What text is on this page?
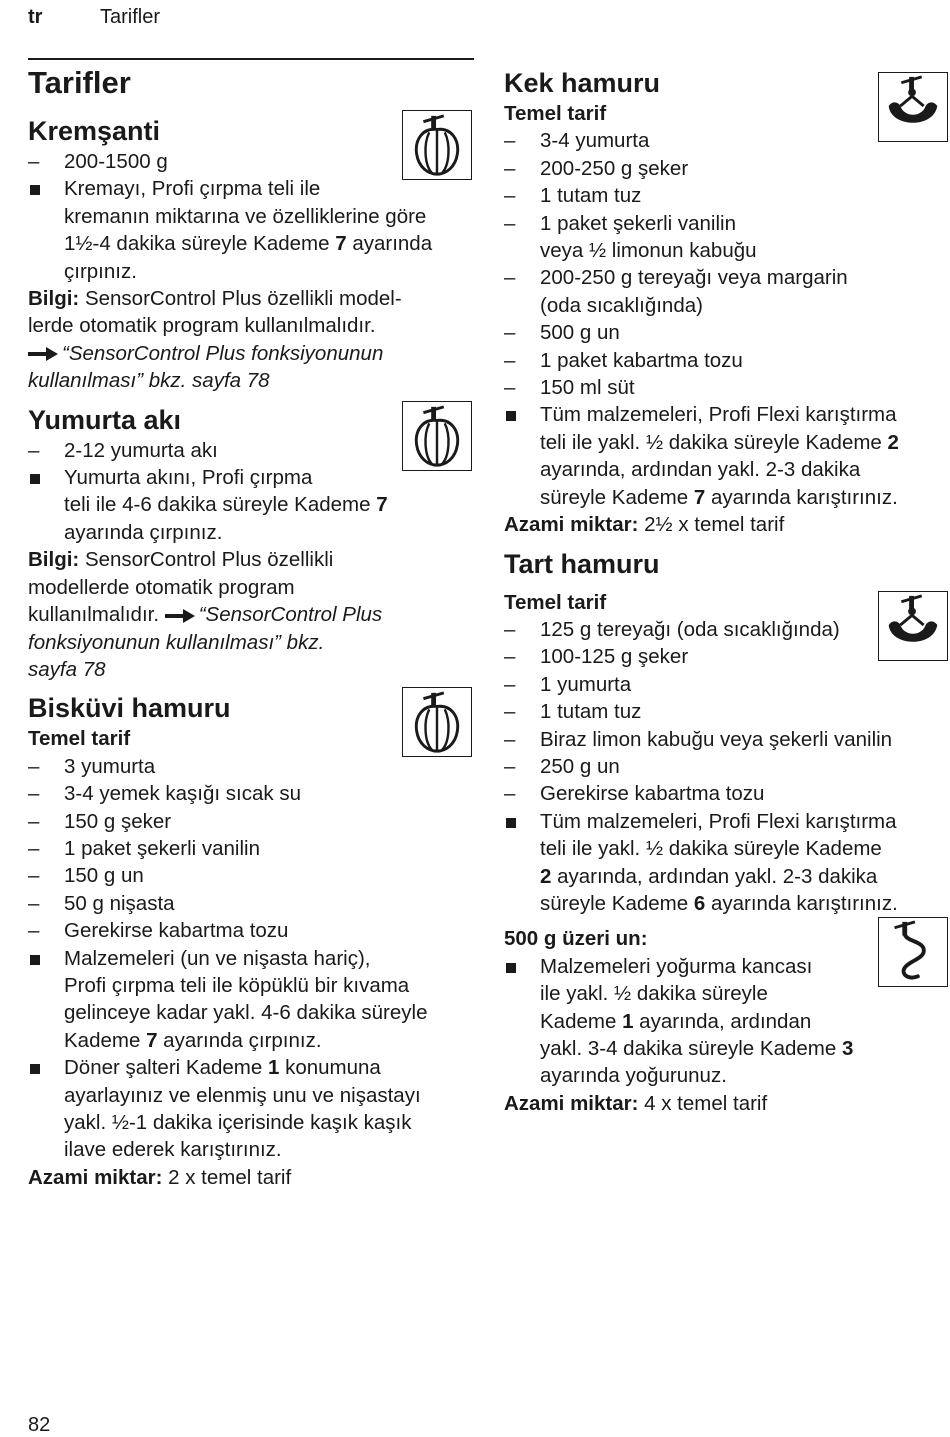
tr	Tarifler
Tarifler
Kremşanti
–	200-1500 g
Kremayı, Profi çırpma teli ile
kremanın miktarına ve özelliklerine göre
1½-4 dakika süreyle Kademe 7 ayarında
çırpınız.
Bilgi: SensorControl Plus özellikli model-
lerde otomatik program kullanılmalıdır.
“SensorControl Plus fonksiyonunun
kullanılması” bkz. sayfa 78
Yumurta akı
–	2-12 yumurta akı
Yumurta akını, Profi çırpma
teli ile 4-6 dakika süreyle Kademe 7
ayarında çırpınız.
Bilgi: SensorControl Plus özellikli
modellerde otomatik program
kullanılmalıdır. “SensorControl Plus
fonksiyonunun kullanılması” bkz.
sayfa 78
Bisküvi hamuru
Temel tarif
–	3 yumurta
–	3-4 yemek kaşığı sıcak su
–	150 g şeker
–	1 paket şekerli vanilin
–	150 g un
–	50 g nişasta
–	Gerekirse kabartma tozu
Malzemeleri (un ve nişasta hariç),
Profi çırpma teli ile köpüklü bir kıvama
gelinceye kadar yakl. 4-6 dakika süreyle
Kademe 7 ayarında çırpınız.
Döner şalteri Kademe 1 konumuna
ayarlayınız ve elenmiş unu ve nişastayı
yakl. ½-1 dakika içerisinde kaşık kaşık
ilave ederek karıştırınız.
Azami miktar: 2 x temel tarif
Kek hamuru
Temel tarif
–	3-4 yumurta
–	200-250 g şeker
–	1 tutam tuz
–	1 paket şekerli vanilin
veya ½ limonun kabuğu
–	200-250 g tereyağı veya margarin
(oda sıcaklığında)
–	500 g un
–	1 paket kabartma tozu
–	150 ml süt
Tüm malzemeleri, Profi Flexi karıştırma
teli ile yakl. ½ dakika süreyle Kademe 2
ayarında, ardından yakl. 2-3 dakika
süreyle Kademe 7 ayarında karıştırınız.
Azami miktar: 2½ x temel tarif
Tart hamuru
Temel tarif
–	125 g tereyağı (oda sıcaklığında)
–	100-125 g şeker
–	1 yumurta
–	1 tutam tuz
–	Biraz limon kabuğu veya şekerli vanilin
–	250 g un
–	Gerekirse kabartma tozu
Tüm malzemeleri, Profi Flexi karıştırma
teli ile yakl. ½ dakika süreyle Kademe
2 ayarında, ardından yakl. 2-3 dakika
süreyle Kademe 6 ayarında karıştırınız.
500 g üzeri un:
Malzemeleri yoğurma kancası
ile yakl. ½ dakika süreyle
Kademe 1 ayarında, ardından
yakl. 3-4 dakika süreyle Kademe 3
ayarında yoğurunuz.
Azami miktar: 4 x temel tarif
82
